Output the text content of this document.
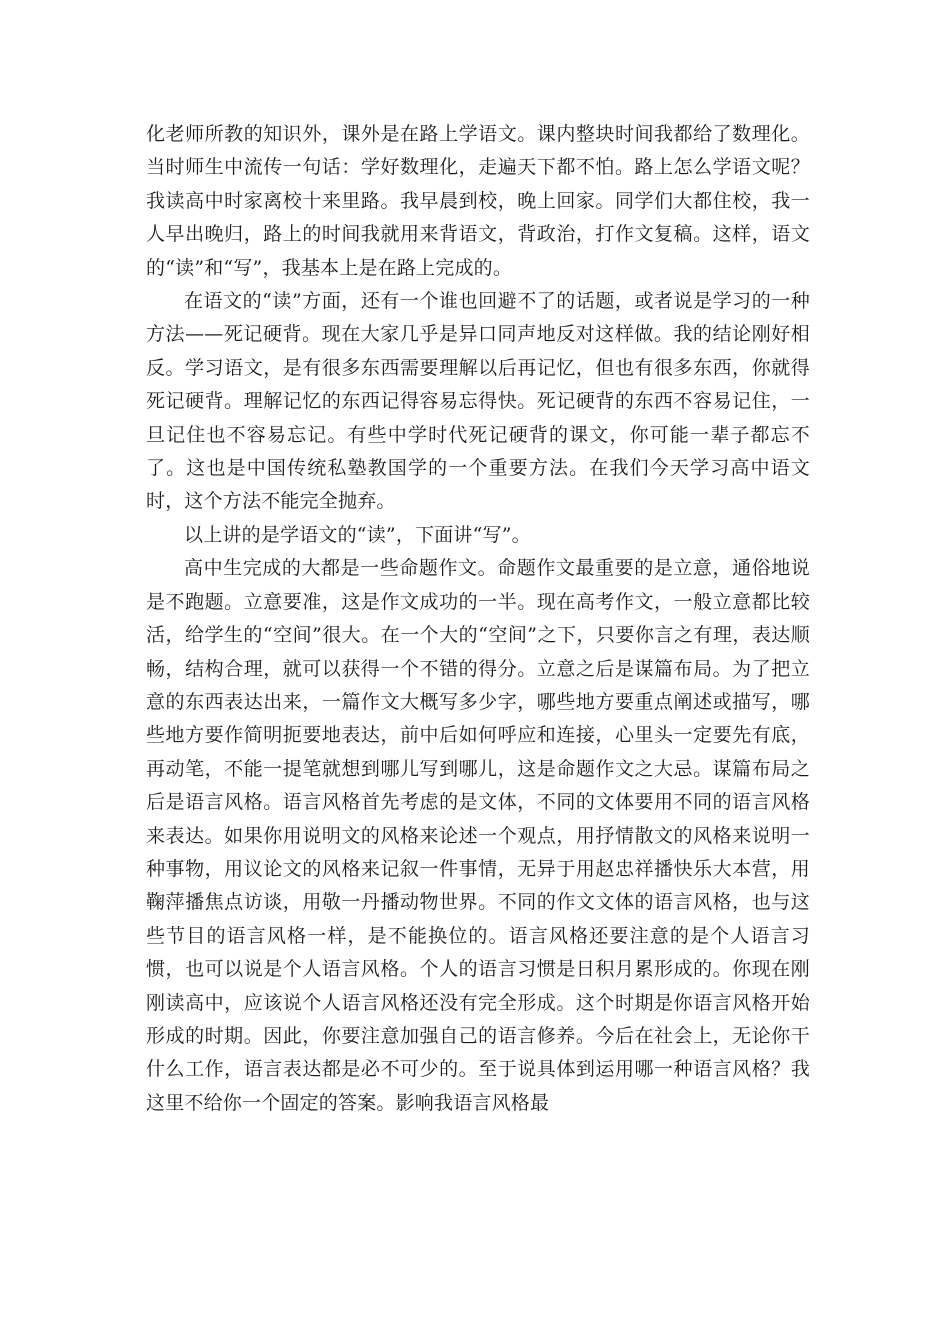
化老师所教的知识外，课外是在路上学语文。课内整块时间我都给了数理化。当时师生中流传一句话：学好数理化，走遍天下都不怕。路上怎么学语文呢？我读高中时家离校十来里路。我早晨到校，晚上回家。同学们大都住校，我一人早出晚归，路上的时间我就用来背语文，背政治，打作文复稿。这样，语文的“读”和“写”，我基本上是在路上完成的。

在语文的“读”方面，还有一个谁也回避不了的话题，或者说是学习的一种方法——死记硬背。现在大家几乎是异口同声地反对这样做。我的结论刚好相反。学习语文，是有很多东西需要理解以后再记忆，但也有很多东西，你就得死记硬背。理解记忆的东西记得容易忘得快。死记硬背的东西不容易记住，一旦记住也不容易忘记。有些中学时代死记硬背的课文，你可能一辈子都忘不了。这也是中国传统私塾教国学的一个重要方法。在我们今天学习高中语文时，这个方法不能完全抛弃。

以上讲的是学语文的“读”，下面讲“写”。

高中生完成的大都是一些命题作文。命题作文最重要的是立意，通俗地说是不跑题。立意要准，这是作文成功的一半。现在高考作文，一般立意都比较活，给学生的“空间”很大。在一个大的“空间”之下，只要你言之有理，表达顺畅，结构合理，就可以获得一个不错的得分。立意之后是谋篇布局。为了把立意的东西表达出来，一篇作文大概写多少字，哪些地方要重点阐述或描写，哪些地方要作简明扼要地表达，前中后如何呼应和连接，心里头一定要先有底，再动笔，不能一提笔就想到哪儿写到哪儿，这是命题作文之大忌。谋篇布局之后是语言风格。语言风格首先考虑的是文体，不同的文体要用不同的语言风格来表达。如果你用说明文的风格来论述一个观点，用抒情散文的风格来说明一种事物，用议论文的风格来记叙一件事情，无异于用赵忠祥播快乐大本营，用鞠萍播焦点访谈，用敬一丹播动物世界。不同的作文文体的语言风格，也与这些节目的语言风格一样，是不能换位的。语言风格还要注意的是个人语言习惯，也可以说是个人语言风格。个人的语言习惯是日积月累形成的。你现在刚刚读高中，应该说个人语言风格还没有完全形成。这个时期是你语言风格开始形成的时期。因此，你要注意加强自己的语言修养。今后在社会上，无论你干什么工作，语言表达都是必不可少的。至于说具体到运用哪一种语言风格？我这里不给你一个固定的答案。影响我语言风格最
